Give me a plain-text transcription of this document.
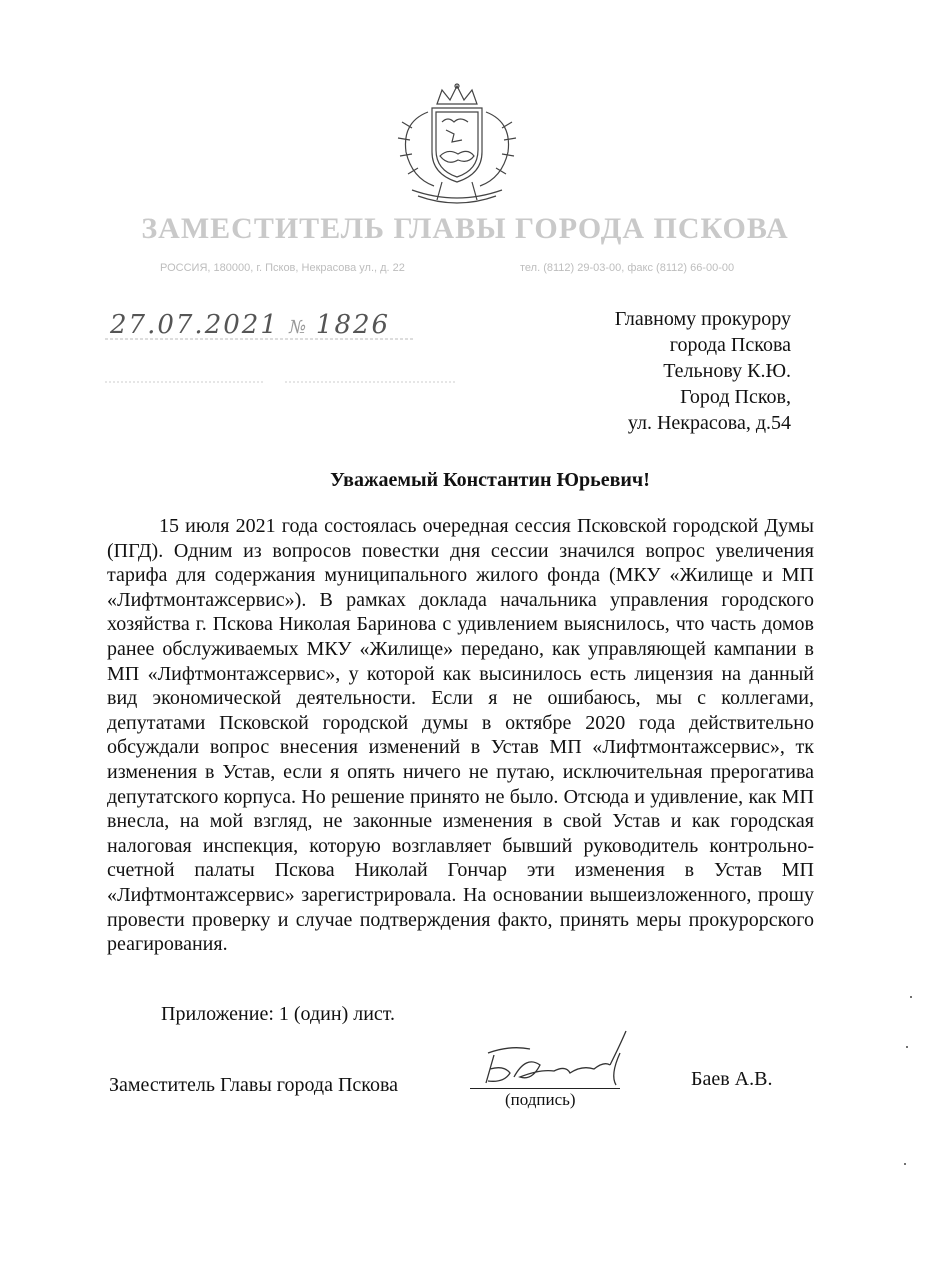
ЗАМЕСТИТЕЛЬ ГЛАВЫ ГОРОДА ПСКОВА
РОССИЯ, 180000, г. Псков, Некрасова ул., д. 22	тел. (8112) 29-03-00, факс (8112) 66-00-00
27.07.2021 № 1826	Главному прокурору
города Пскова
Тельнову К.Ю.
Город Псков,
ул. Некрасова, д.54
Уважаемый Константин Юрьевич!

15 июля 2021 года состоялась очередная сессия Псковской городской Думы (ПГД). Одним из вопросов повестки дня сессии значился вопрос увеличения тарифа для содержания муниципального жилого фонда (МКУ «Жилище и МП «Лифтмонтажсервис»). В рамках доклада начальника управления городского хозяйства г. Пскова Николая Баринова с удивлением выяснилось, что часть домов ранее обслуживаемых МКУ «Жилище» передано, как управляющей кампании в МП «Лифтмонтажсервис», у которой как высинилось есть лицензия на данный вид экономической деятельности. Если я не ошибаюсь, мы с коллегами, депутатами Псковской городской думы в октябре 2020 года действительно обсуждали вопрос внесения изменений в Устав МП «Лифтмонтажсервис», тк изменения в Устав, если я опять ничего не путаю, исключительная прерогатива депутатского корпуса. Но решение принято не было. Отсюда и удивление, как МП внесла, на мой взгляд, не законные изменения в свой Устав и как городская налоговая инспекция, которую возглавляет бывший руководитель контрольно-счетной палаты Пскова Николай Гончар эти изменения в Устав МП «Лифтмонтажсервис» зарегистрировала. На основании вышеизложенного, прошу провести проверку и случае подтверждения факто, принять меры прокурорского реагирования.

Приложение: 1 (один) лист.
Заместитель Главы города Пскова
(подпись)
Баев А.В.
